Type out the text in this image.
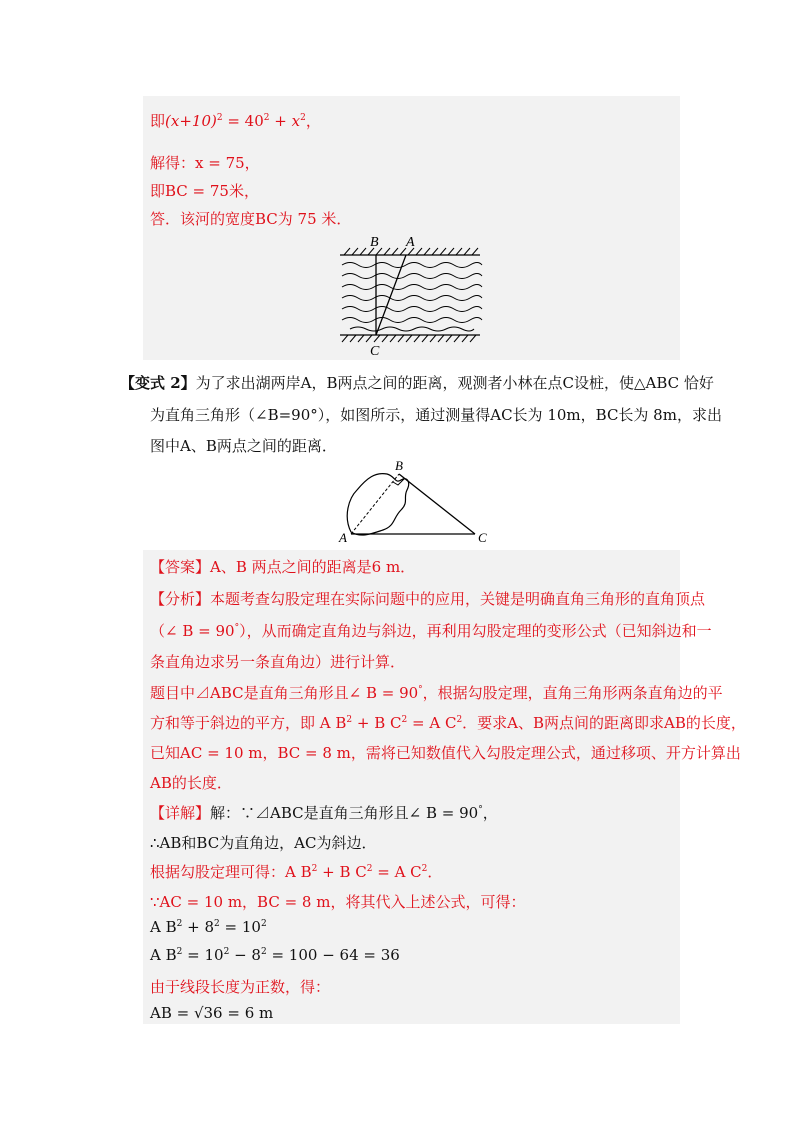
即$(x+10)^2 = 40^2 + x^2$，
解得：x = 75，
即BC = 75米，
答．该河的宽度BC为 75 米．
B A
C
【变式 2】为了求出湖两岸A，B两点之间的距离，观测者小林在点C设桩，使△ABC 恰好
为直角三角形（∠B=90°），如图所示，通过测量得AC长为 10m，BC长为 8m，求出
图中A、B两点之间的距离．
A
B
C
【答案】A、B 两点之间的距离是6 m．
【分析】本题考查勾股定理在实际问题中的应用，关键是明确直角三角形的直角顶点
（∠ B = 90°），从而确定直角边与斜边，再利用勾股定理的变形公式（已知斜边和一
条直角边求另一条直角边）进行计算．
题目中⊿ABC是直角三角形且∠ B = 90°，根据勾股定理，直角三角形两条直角边的平
方和等于斜边的平方，即 A $B^2 + B$ $C^2 = A$ $C^2$．要求A、B两点间的距离即求AB的长度，
已知AC = 10 m，BC = 8 m，需将已知数值代入勾股定理公式，通过移项、开方计算出
AB的长度．
【详解】解：∵⊿ABC是直角三角形且∠ B = 90°，
∴AB和BC为直角边，AC为斜边．
根据勾股定理可得：A $B^2 + B$ $C^2 = A$ $C^2$．
∵AC = 10 m，BC = 8 m，将其代入上述公式，可得：
A $B^2 + 8^2 = 10^2$
A $B^2 = 10^2 - 8^2 = 100 - 64 = 36$
由于线段长度为正数，得：
AB = √36 = 6 m
